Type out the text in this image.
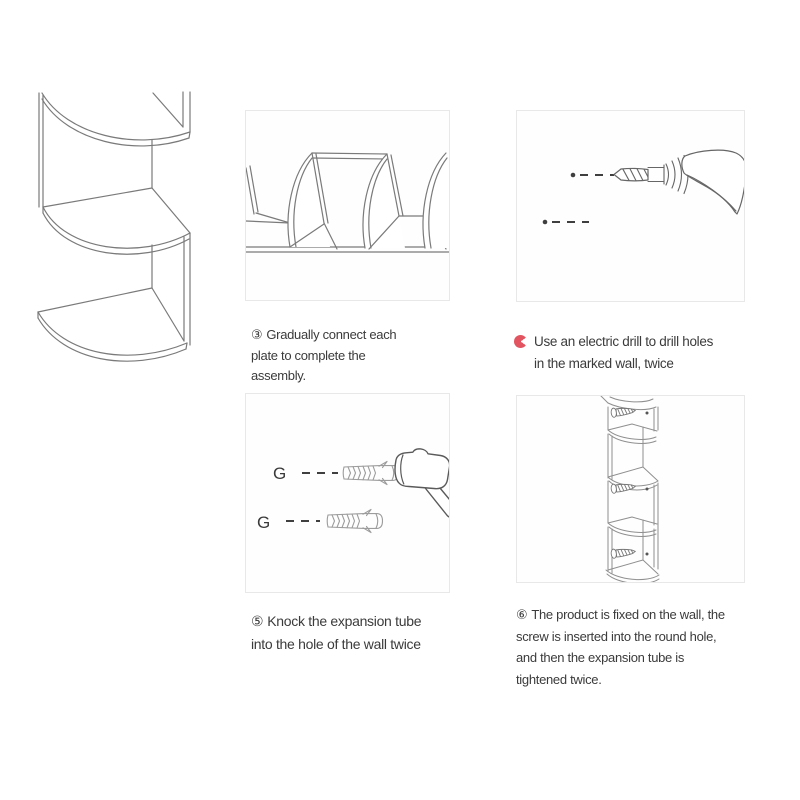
③ Gradually connect each
plate to complete the
assembly.
Use an electric drill to drill holes
in the marked wall, twice
G
G
⑤ Knock the expansion tube
into the hole of the wall twice
⑥ The product is fixed on the wall, the
screw is inserted into the round hole,
and then the expansion tube is
tightened twice.
